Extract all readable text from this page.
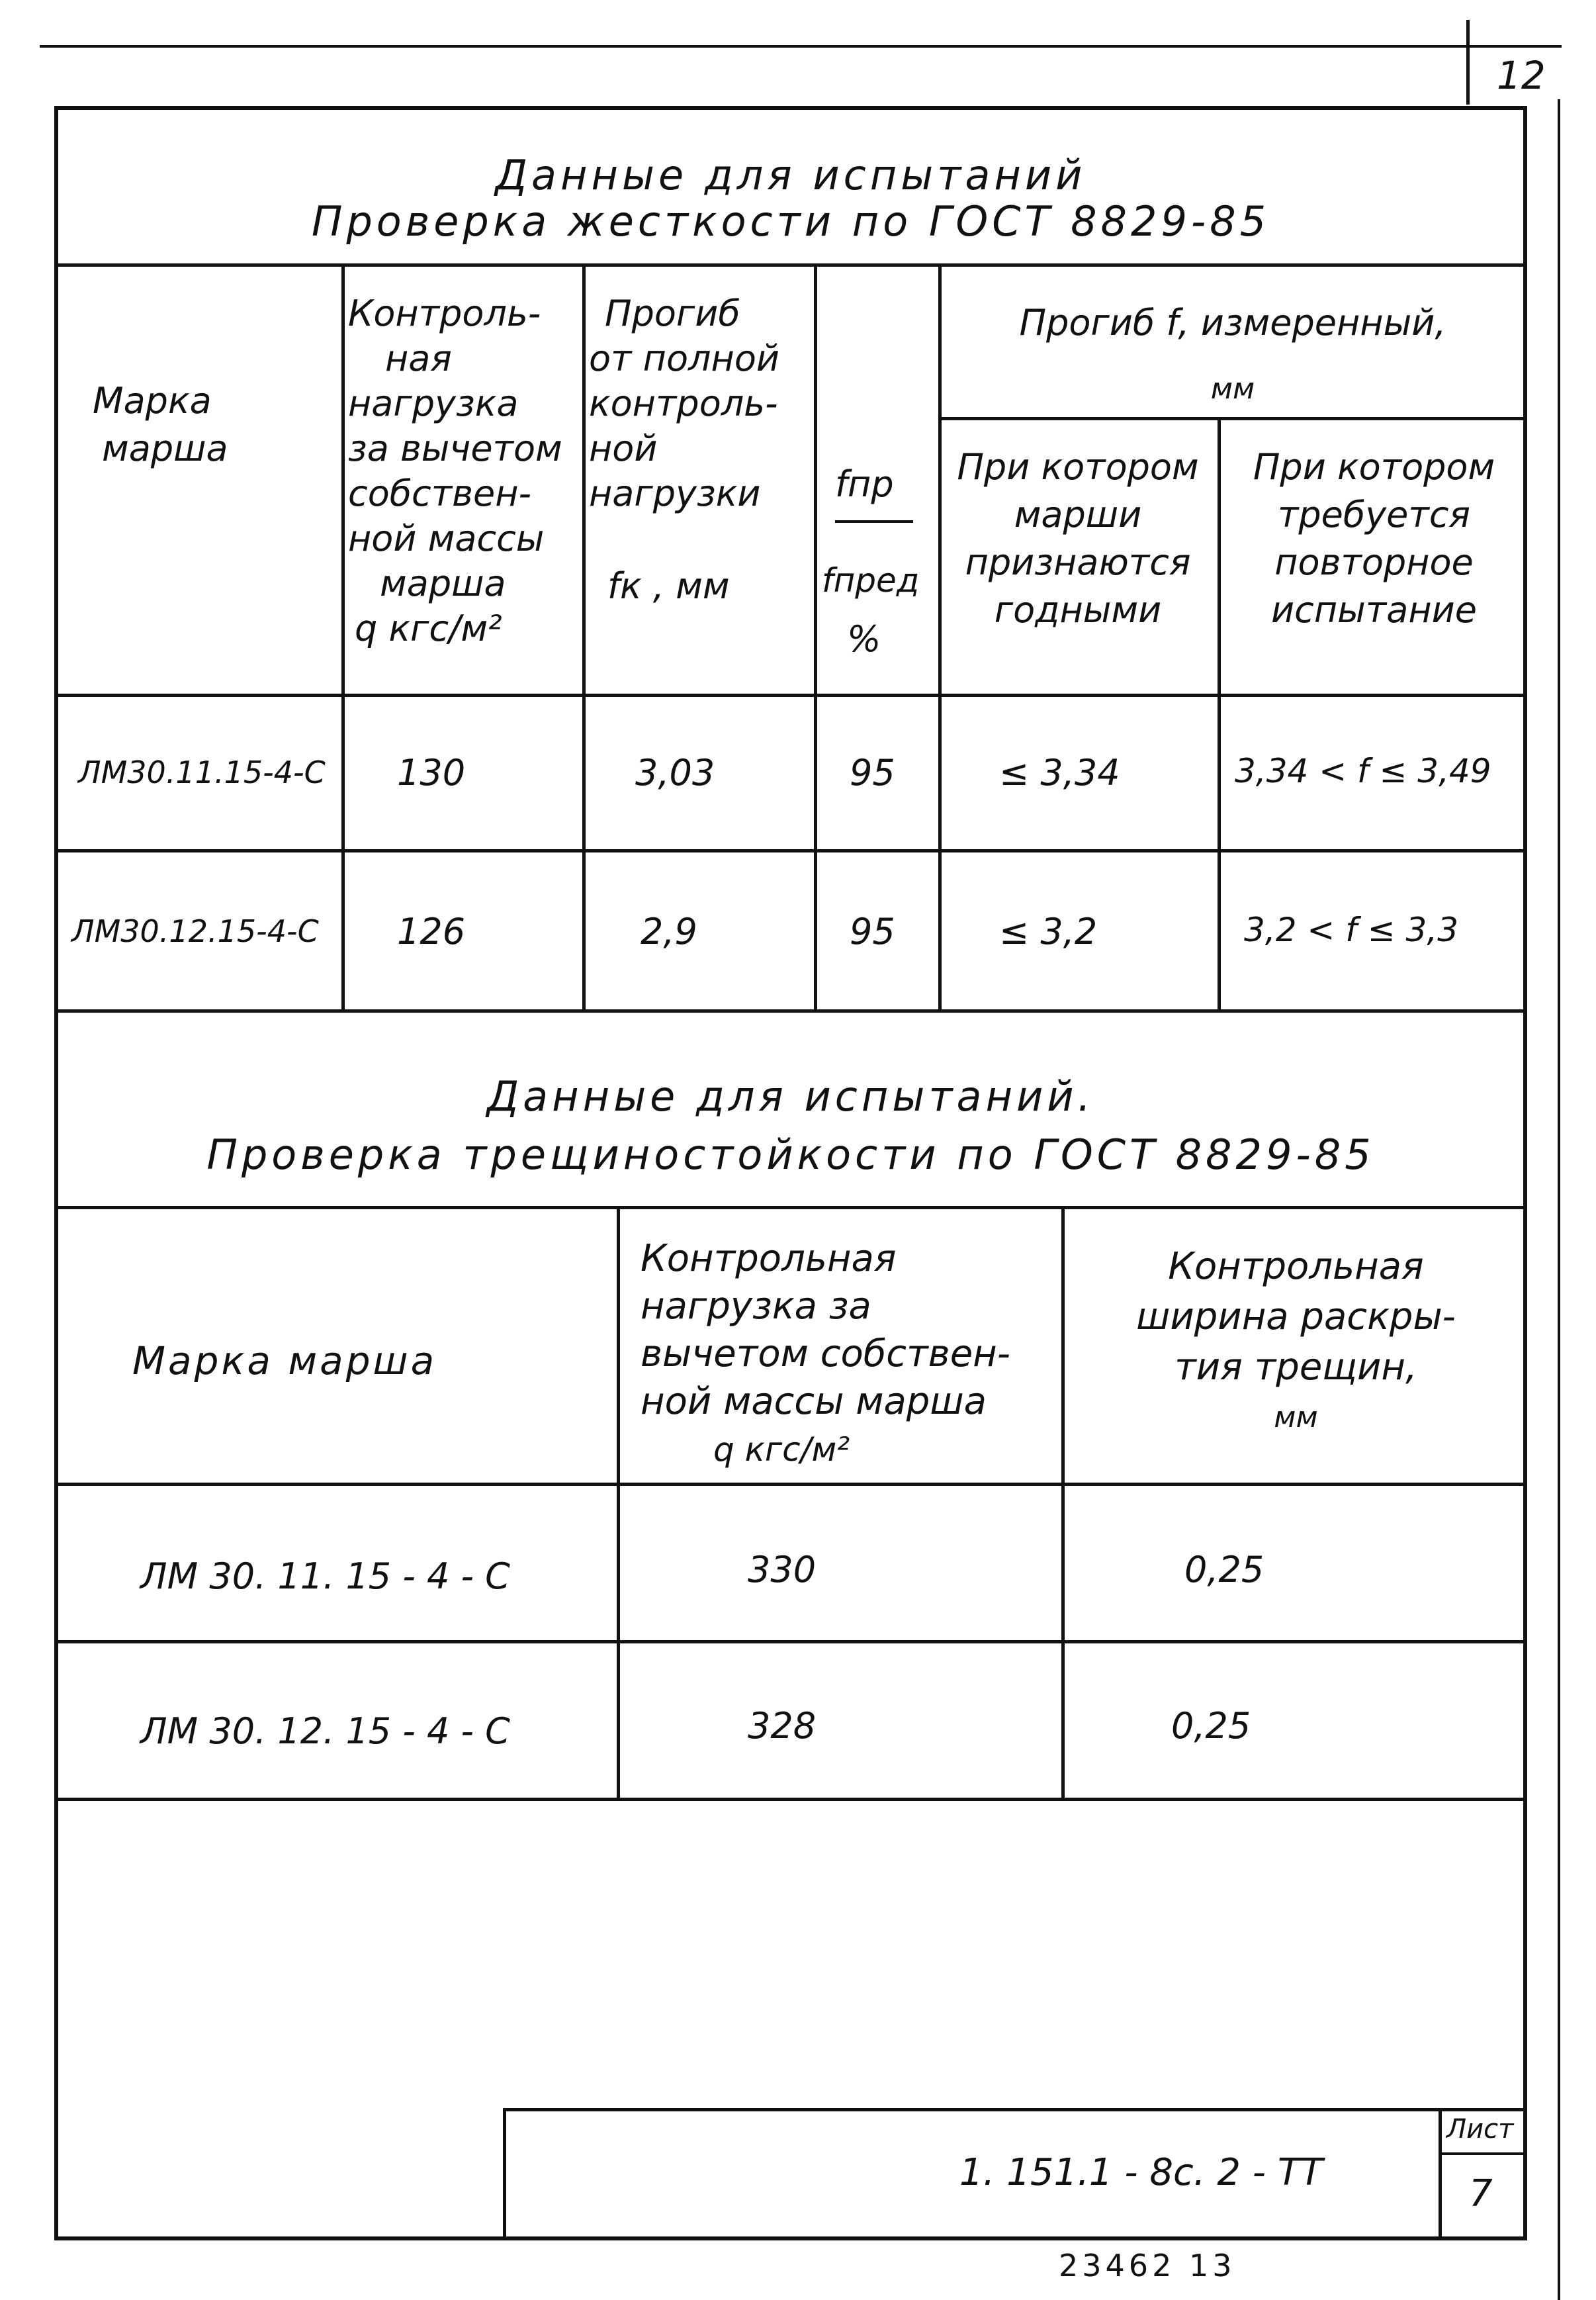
12
Данные для испытаний
Проверка жесткости по ГОСТ 8829-85
Марка
марша
Контроль-
ная
нагрузка
за вычетом
собствен-
ной массы
марша
q кгс/м²
Прогиб
от полной
контроль-
ной
нагрузки
fк , мм
fпр
fпред
%
Прогиб f, измеренный,
мм
При котором
марши
признаются
годными
При котором
требуется
повторное
испытание
ЛМ30.11.15-4-С 130	3,03	95	≤ 3,34	3,34 < f ≤ 3,49
ЛМ30.12.15-4-С 126	2,9	95	≤ 3,2	3,2 < f ≤ 3,3
Данные для испытаний.
Проверка трещиностойкости по ГОСТ 8829-85
Марка марша
Контрольная
нагрузка за
вычетом собствен-
ной массы марша
q кгс/м²
Контрольная
ширина раскры-
тия трещин,
мм
ЛМ 30. 11. 15 - 4 - С	330	0,25
ЛМ 30. 12. 15 - 4 - С	328	0,25
1. 151.1 - 8с. 2 - ТТ
Лист
7
23462 13
